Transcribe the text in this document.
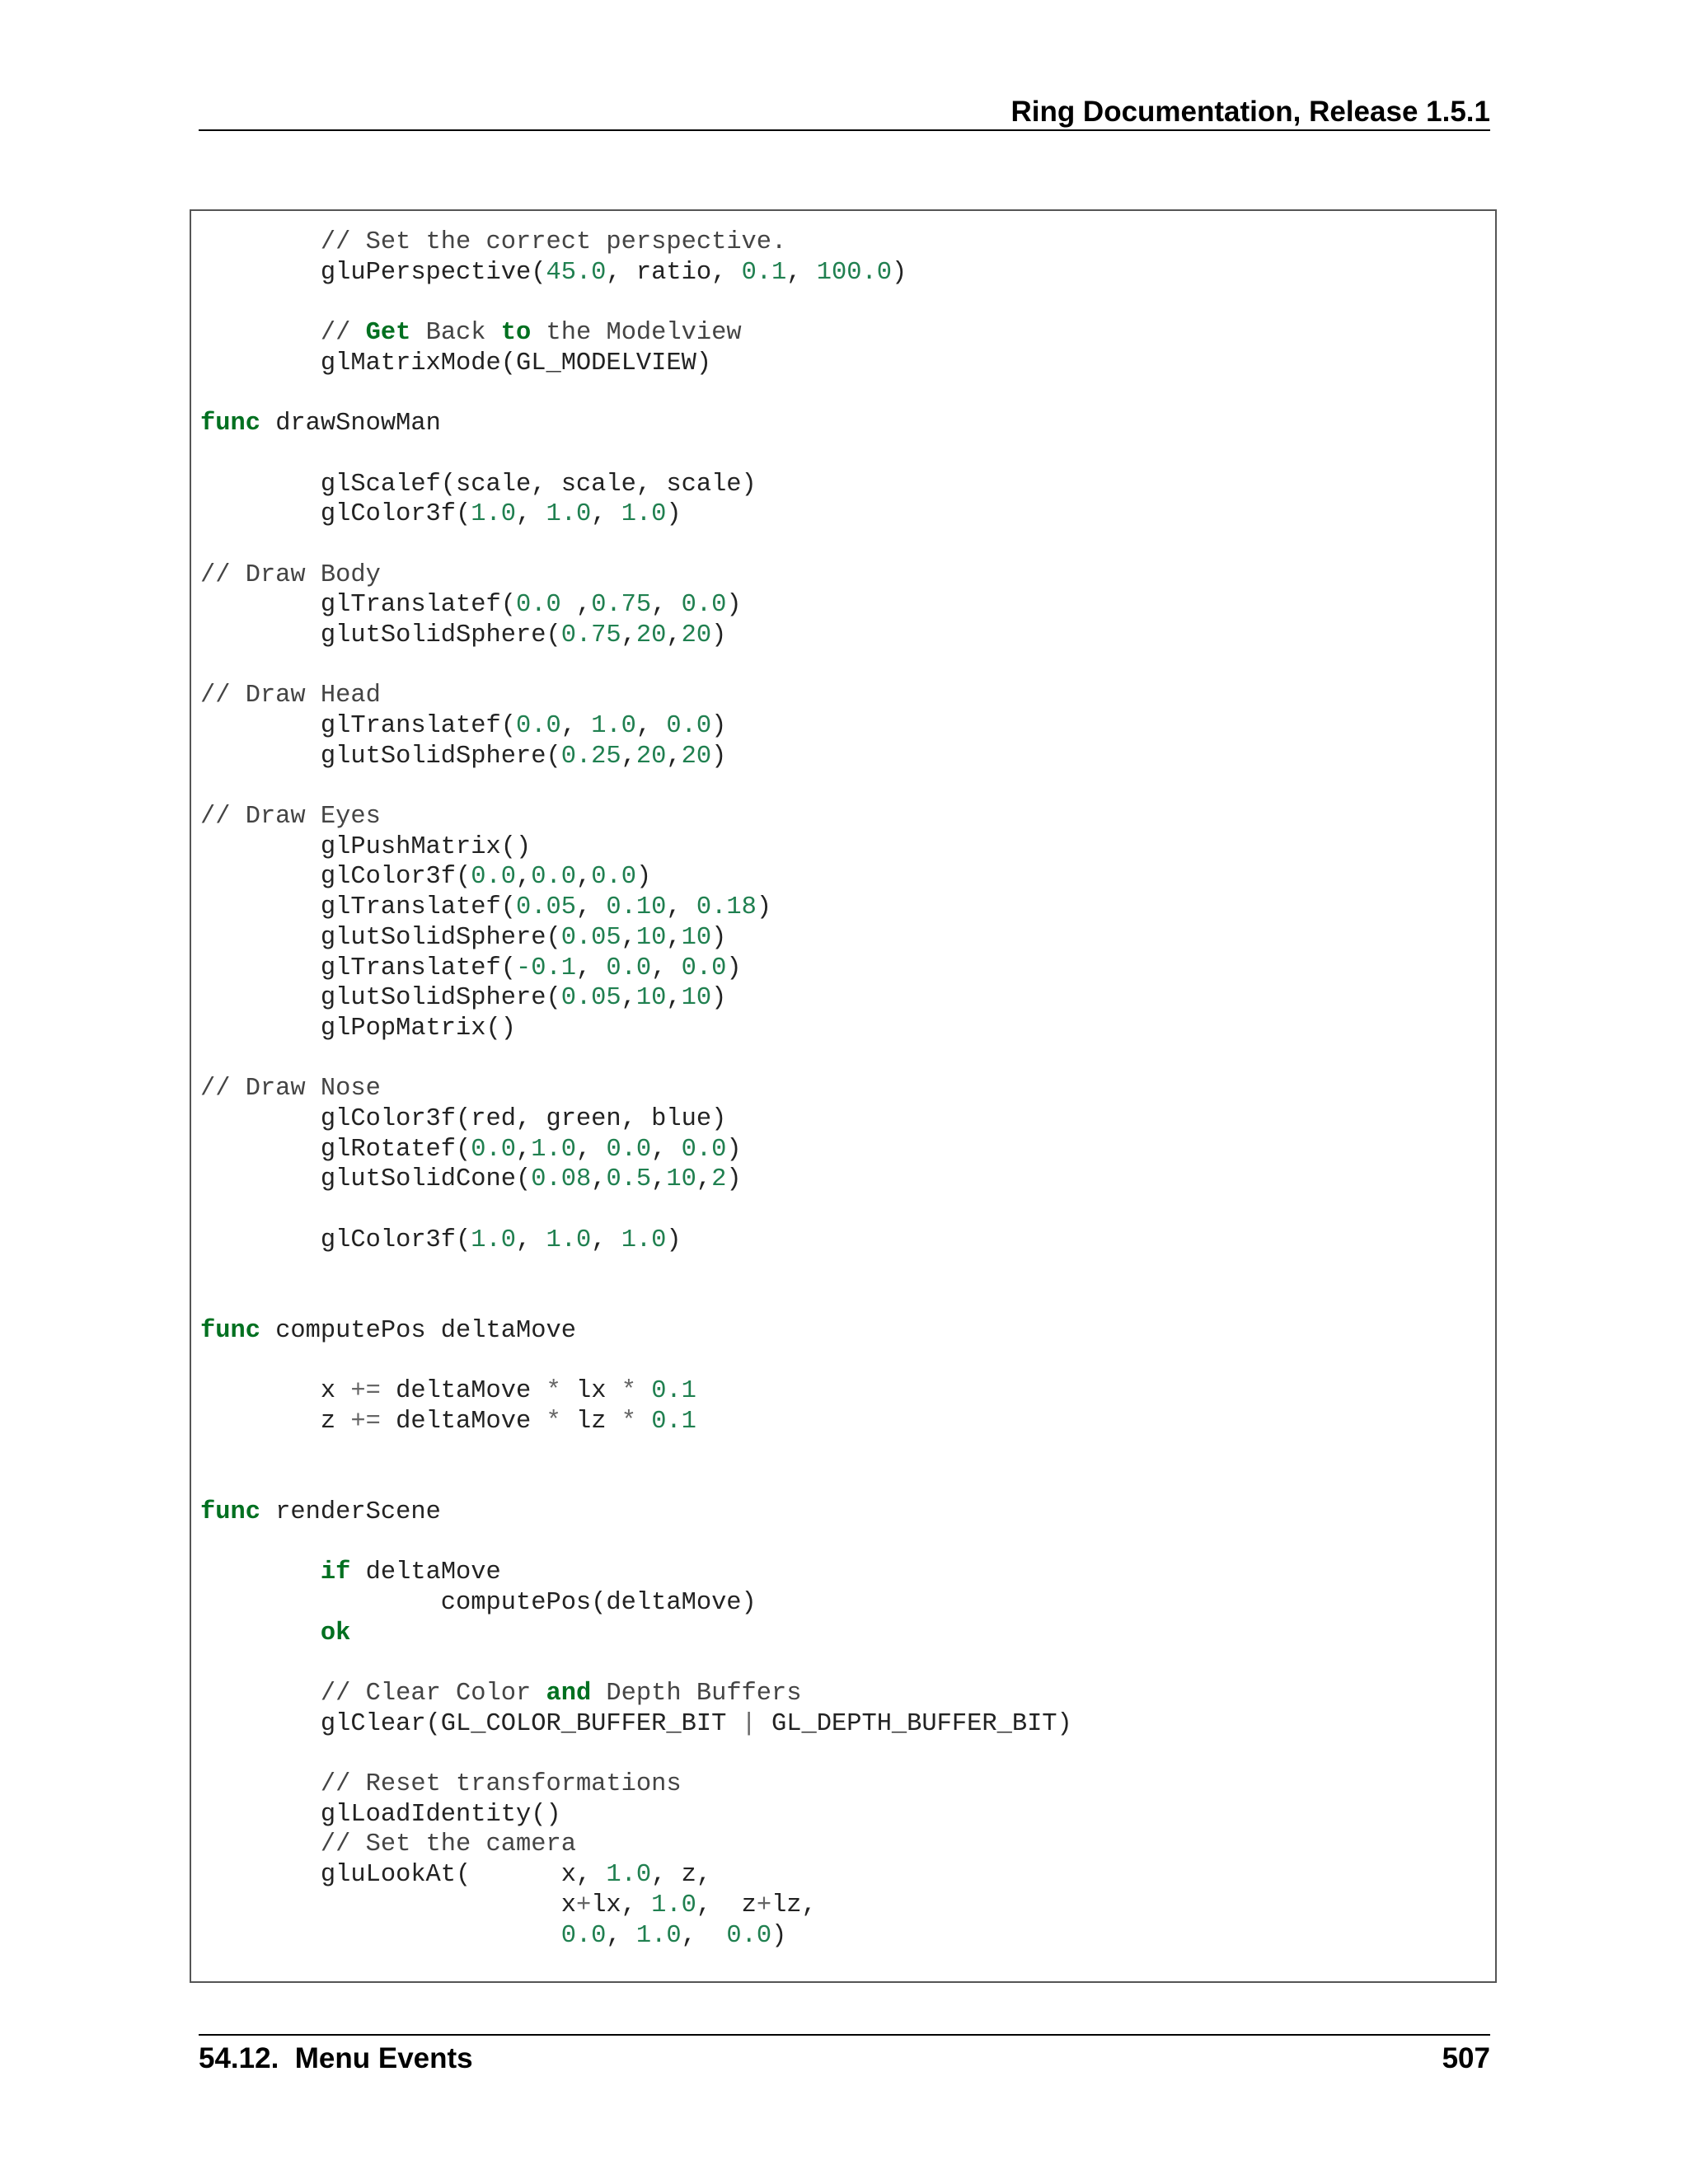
Ring Documentation, Release 1.5.1
// Set the correct perspective.
gluPerspective(45.0, ratio, 0.1, 100.0)
// Get Back to the Modelview
glMatrixMode(GL_MODELVIEW)
func drawSnowMan
glScalef(scale, scale, scale)
glColor3f(1.0, 1.0, 1.0)
// Draw Body
glTranslatef(0.0 ,0.75, 0.0)
glutSolidSphere(0.75,20,20)
// Draw Head
glTranslatef(0.0, 1.0, 0.0)
glutSolidSphere(0.25,20,20)
// Draw Eyes
glPushMatrix()
glColor3f(0.0,0.0,0.0)
glTranslatef(0.05, 0.10, 0.18)
glutSolidSphere(0.05,10,10)
glTranslatef(-0.1, 0.0, 0.0)
glutSolidSphere(0.05,10,10)
glPopMatrix()
// Draw Nose
glColor3f(red, green, blue)
glRotatef(0.0,1.0, 0.0, 0.0)
glutSolidCone(0.08,0.5,10,2)
glColor3f(1.0, 1.0, 1.0)
func computePos deltaMove
x += deltaMove * lx * 0.1
z += deltaMove * lz * 0.1
func renderScene
if deltaMove
computePos(deltaMove)
ok
// Clear Color and Depth Buffers
glClear(GL_COLOR_BUFFER_BIT | GL_DEPTH_BUFFER_BIT)
// Reset transformations
glLoadIdentity()
// Set the camera
gluLookAt(      x, 1.0, z,
x+lx, 1.0,  z+lz,
0.0, 1.0,  0.0)
54.12.  Menu Events	507
